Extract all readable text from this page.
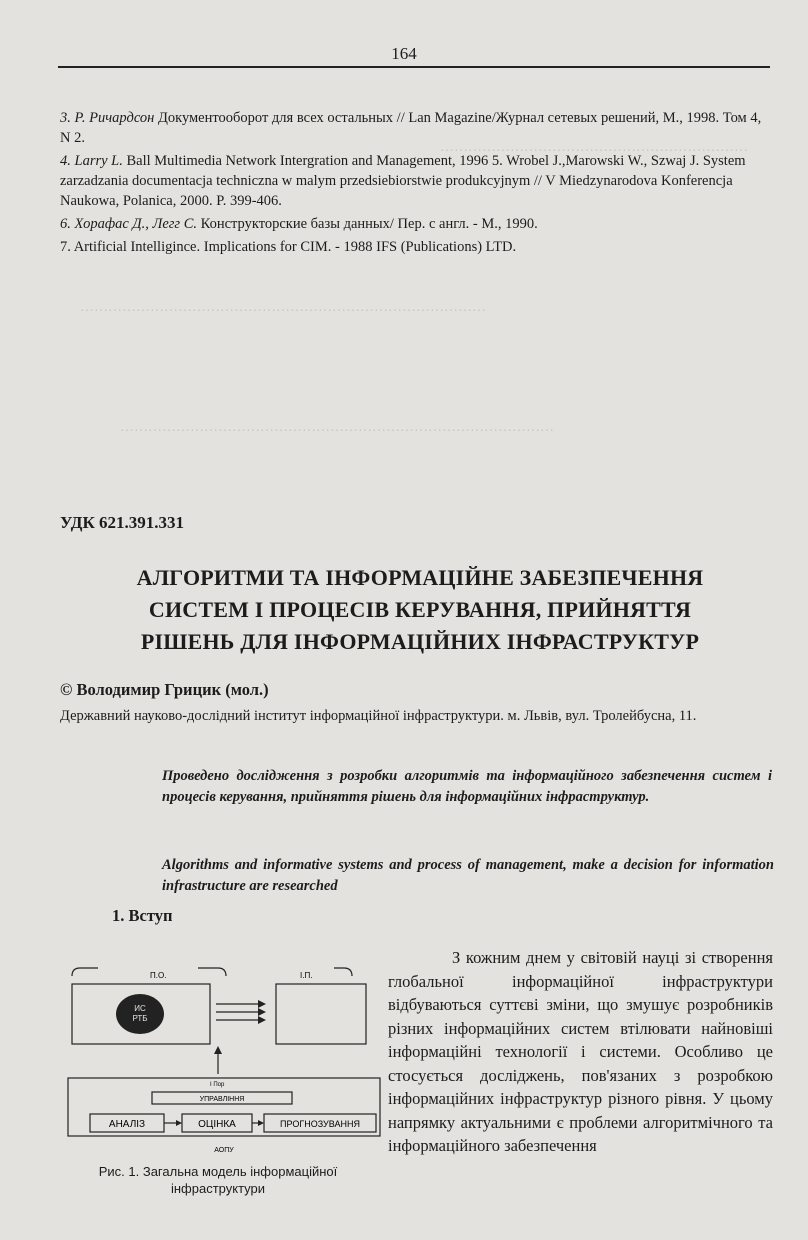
…………………………………………………………
……………………………………………………………………………
…………………………………………………………………………………
164

3. Р. Ричардсон Документооборот для всех остальных // Lan Magazine/Журнал сетевых решений, М., 1998. Том 4, N 2.

4. Larry L. Ball Multimedia Network Intergration and Management, 1996 5. Wrobel J.,Marowski W., Szwaj J. System zarzadzania documentacja techniczna w malym przedsiebiorstwie produkcyjnym // V Miedzynarodova Konferencja Naukowa, Polanica, 2000. P. 399-406.

6. Хорафас Д., Легг С. Конструкторские базы данных/ Пер. с англ. - М., 1990.

7. Artificial Intelligince. Implications for CIM. - 1988 IFS (Publications) LTD.

УДК 621.391.331
АЛГОРИТМИ ТА ІНФОРМАЦІЙНЕ ЗАБЕЗПЕЧЕННЯ
СИСТЕМ І ПРОЦЕСІВ КЕРУВАННЯ, ПРИЙНЯТТЯ
РІШЕНЬ ДЛЯ ІНФОРМАЦІЙНИХ ІНФРАСТРУКТУР
© Володимир Грицик (мол.)
Державний науково-дослідний інститут інформаційної інфраструктури. м. Львів, вул. Тролейбусна, 11.
Проведено дослідження з розробки алгоритмів та інформаційного забезпечення систем і процесів керування, прийняття рішень для інформаційних інфраструктур.
Algorithms and informative systems and process of management, make a decision for information infrastructure are researched
1. Вступ

З кожним днем у світовій науці зі створення глобальної інформаційної інфраструктури відбуваються суттєві зміни, що змушує розробників різних інформаційних систем втілювати найновіші інформаційні технології і системи. Особливо це стосується досліджень, пов'язаних з розробкою інформаційних інфраструктур різного рівня. У цьому напрямку актуальними є проблеми алгоритмічного та інформаційного забезпечення

П.О.	І.П.
ИС
РТБ
І Пор
УПРАВЛІННЯ
АНАЛІЗ	ОЦІНКА	ПРОГНОЗУВАННЯ
АОПУ
Рис. 1. Загальна модель інформаційної інфраструктури
